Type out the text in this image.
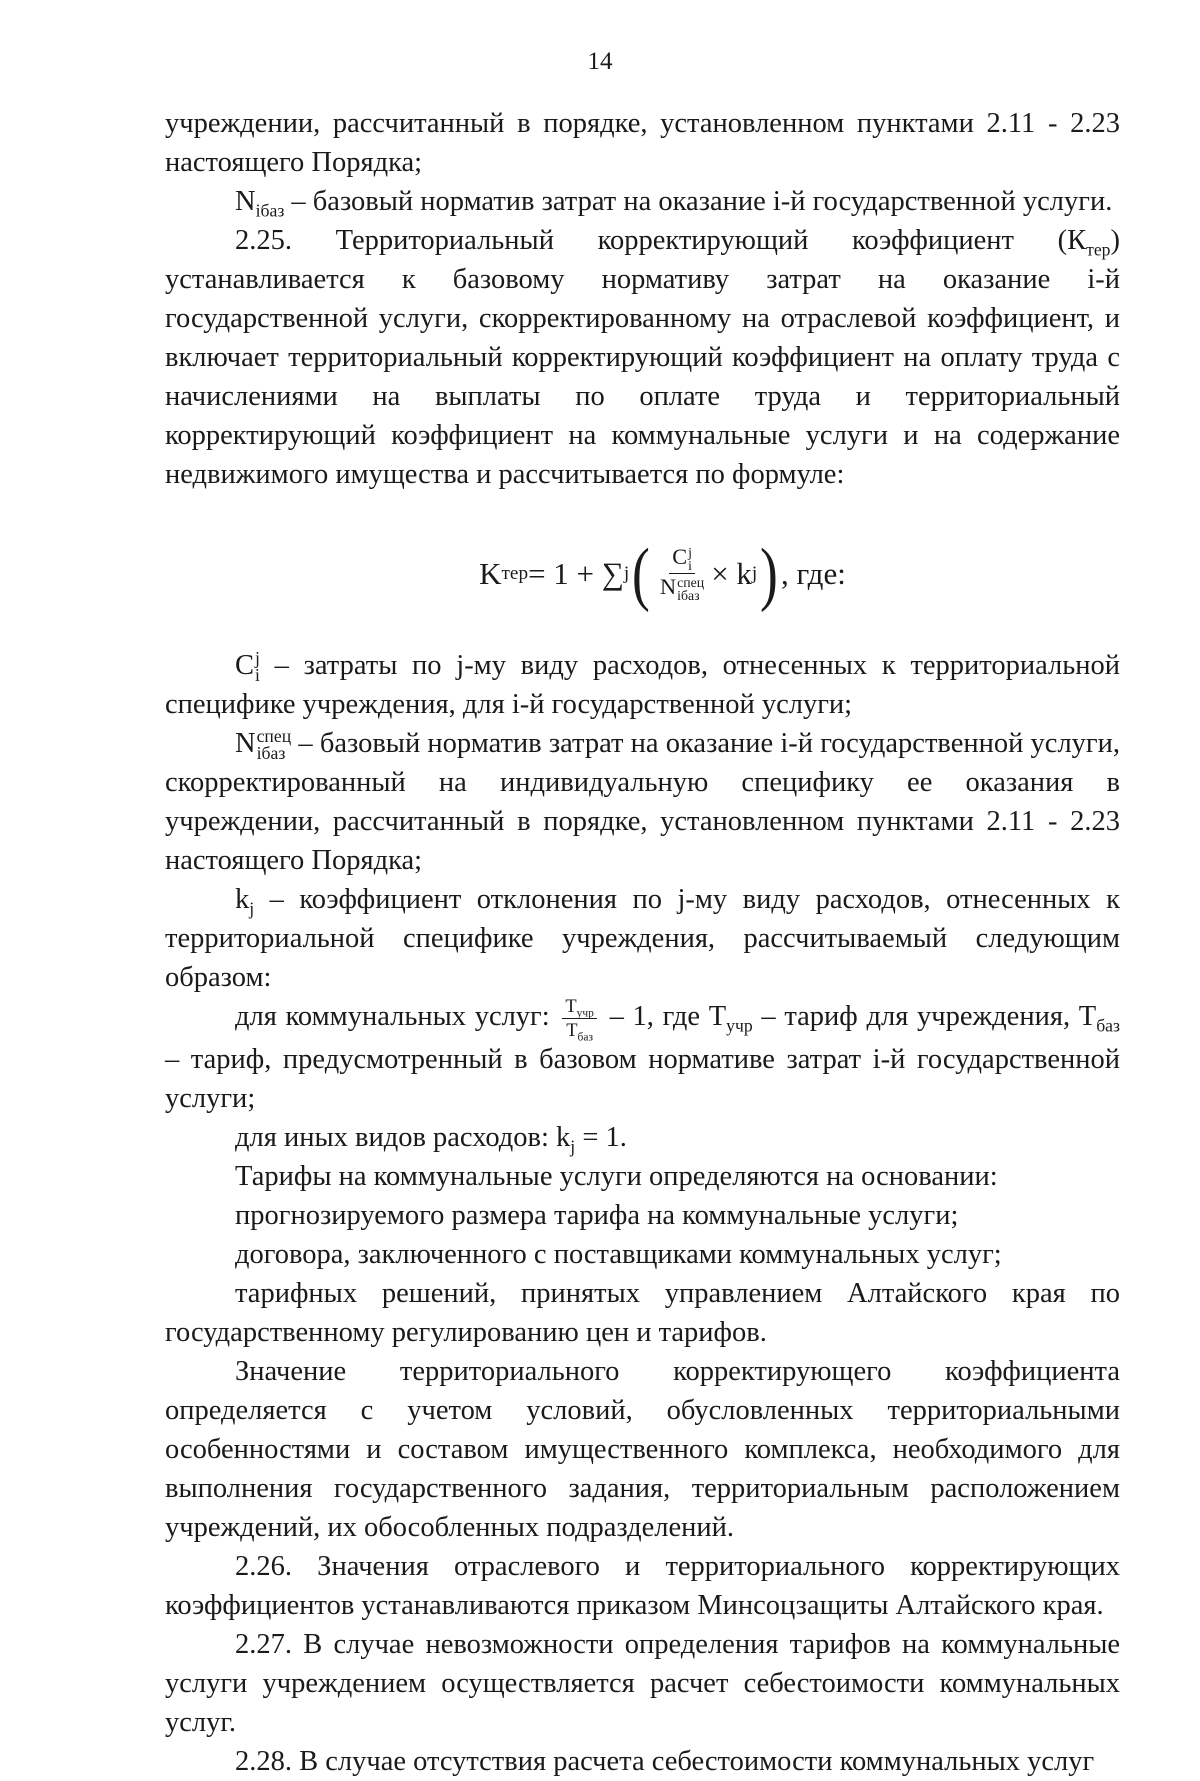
14

учреждении, рассчитанный в порядке, установленном пунктами 2.11 - 2.23 настоящего Порядка;

$N_{iбаз}$ – базовый норматив затрат на оказание i-й государственной услуги.

2.25. Территориальный корректирующий коэффициент $(К_{тер})$ устанавливается к базовому нормативу затрат на оказание i-й государственной услуги, скорректированному на отраслевой коэффициент, и включает территориальный корректирующий коэффициент на оплату труда с начислениями на выплаты по оплате труда и территориальный корректирующий коэффициент на коммунальные услуги и на содержание недвижимого имущества и рассчитывается по формуле:

K тер = 1 + ∑ j ( C j
i
N спец
iбаз × k j ) , где:

C j
i – затраты по j-му виду расходов, отнесенных к территориальной специфике учреждения, для i-й государственной услуги;

N спец
iбаз – базовый норматив затрат на оказание i-й государственной услуги, скорректированный на индивидуальную специфику ее оказания в учреждении, рассчитанный в порядке, установленном пунктами 2.11 - 2.23 настоящего Порядка;

$k_j$ – коэффициент отклонения по j-му виду расходов, отнесенных к территориальной специфике учреждения, рассчитываемый следующим образом:

для коммунальных услуг: $\frac{T_{учр}}{T_{баз}} - 1$, где $T_{учр}$ – тариф для учреждения, $T_{баз}$ – тариф, предусмотренный в базовом нормативе затрат i-й государственной услуги;

для иных видов расходов: $k_j = 1$.

Тарифы на коммунальные услуги определяются на основании:

прогнозируемого размера тарифа на коммунальные услуги;

договора, заключенного с поставщиками коммунальных услуг;

тарифных решений, принятых управлением Алтайского края по государственному регулированию цен и тарифов.

Значение территориального корректирующего коэффициента определяется с учетом условий, обусловленных территориальными особенностями и составом имущественного комплекса, необходимого для выполнения государственного задания, территориальным расположением учреждений, их обособленных подразделений.

2.26. Значения отраслевого и территориального корректирующих коэффициентов устанавливаются приказом Минсоцзащиты Алтайского края.

2.27. В случае невозможности определения тарифов на коммунальные услуги учреждением осуществляется расчет себестоимости коммунальных услуг.

2.28. В случае отсутствия расчета себестоимости коммунальных услуг
